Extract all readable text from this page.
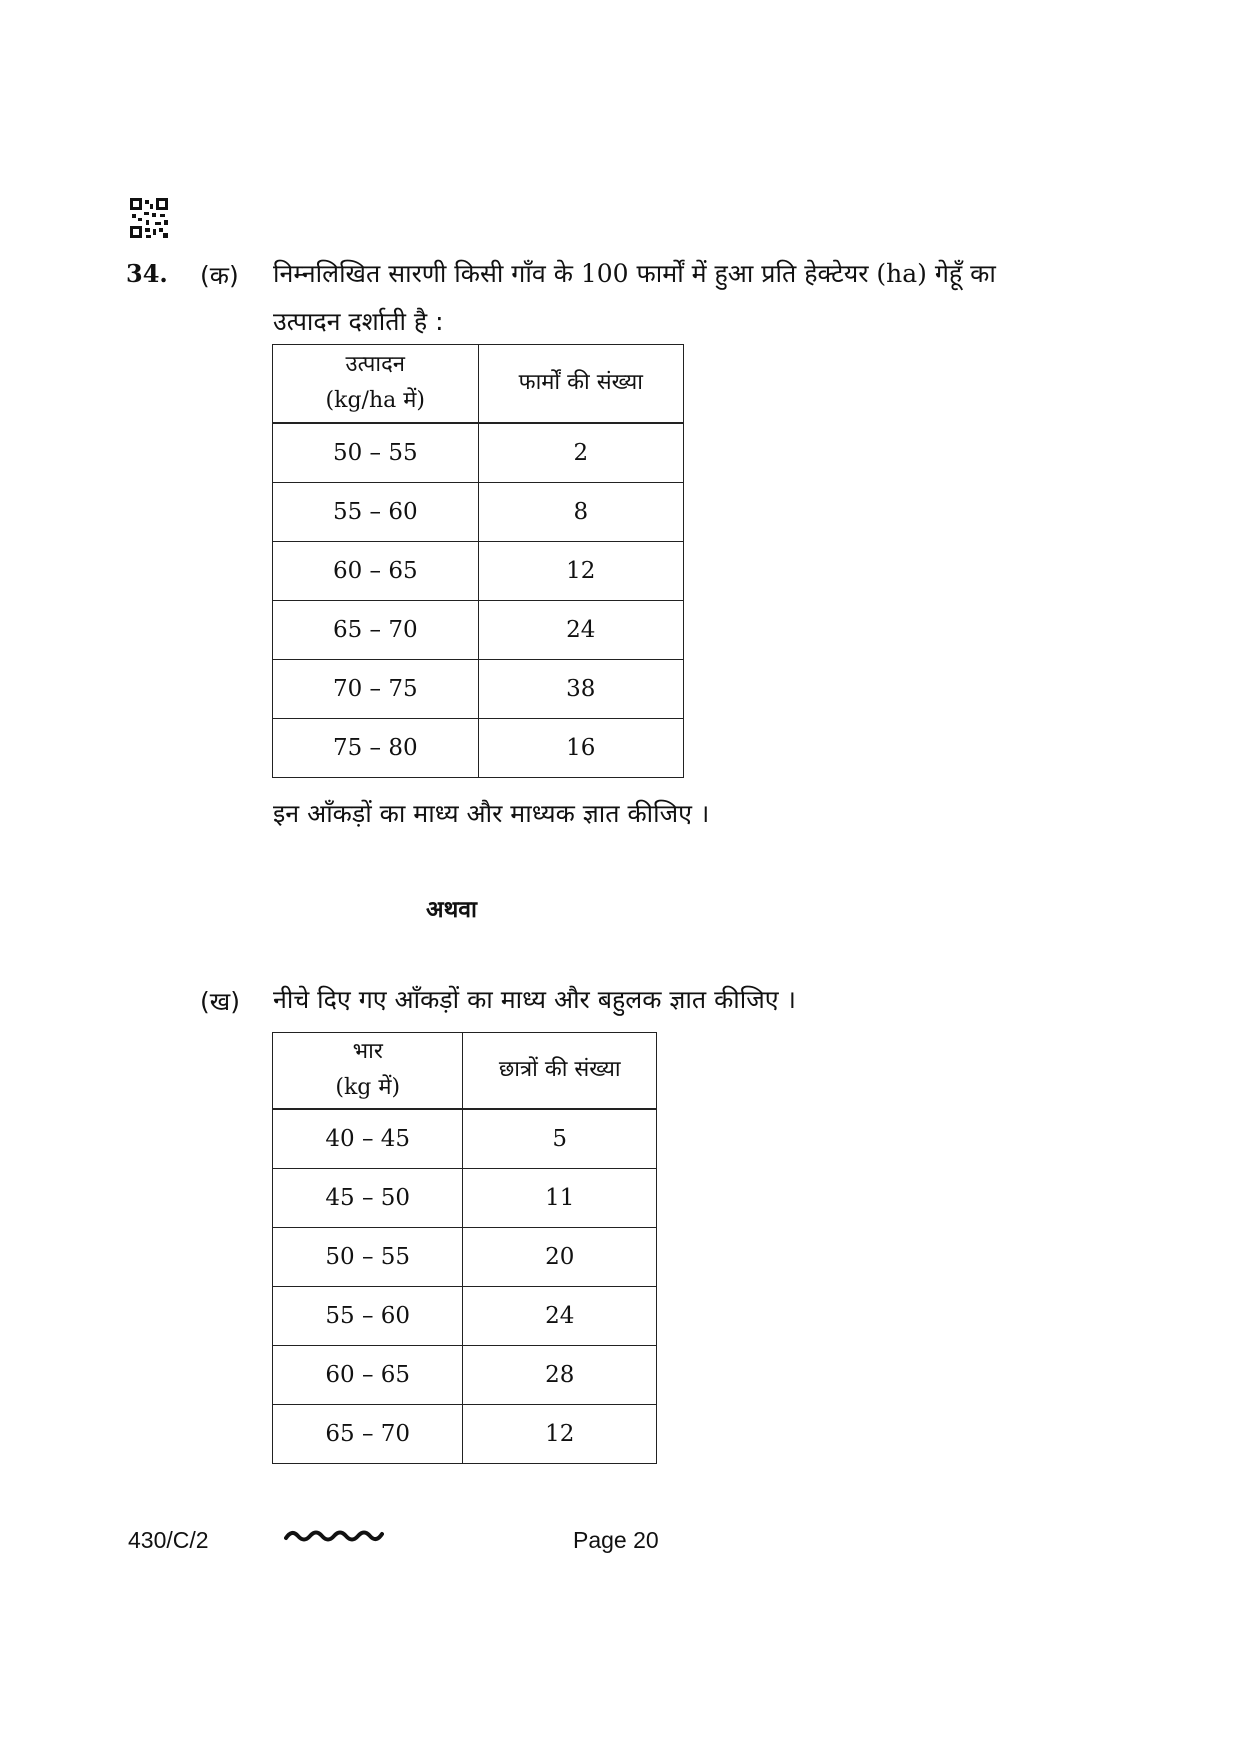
34. (क) निम्नलिखित सारणी किसी गाँव के 100 फार्मों में हुआ प्रति हेक्टेयर (ha) गेहूँ का
उत्पादन दर्शाती है :
उत्पादन
(kg/ha में)	फार्मों की संख्या
50 – 55	2
55 – 60	8
60 – 65	12
65 – 70	24
70 – 75	38
75 – 80	16
इन आँकड़ों का माध्य और माध्यक ज्ञात कीजिए ।
अथवा
(ख) नीचे दिए गए आँकड़ों का माध्य और बहुलक ज्ञात कीजिए ।
भार
(kg में)	छात्रों की संख्या
40 – 45	5
45 – 50	11
50 – 55	20
55 – 60	24
60 – 65	28
65 – 70	12
430/C/2	Page 20
